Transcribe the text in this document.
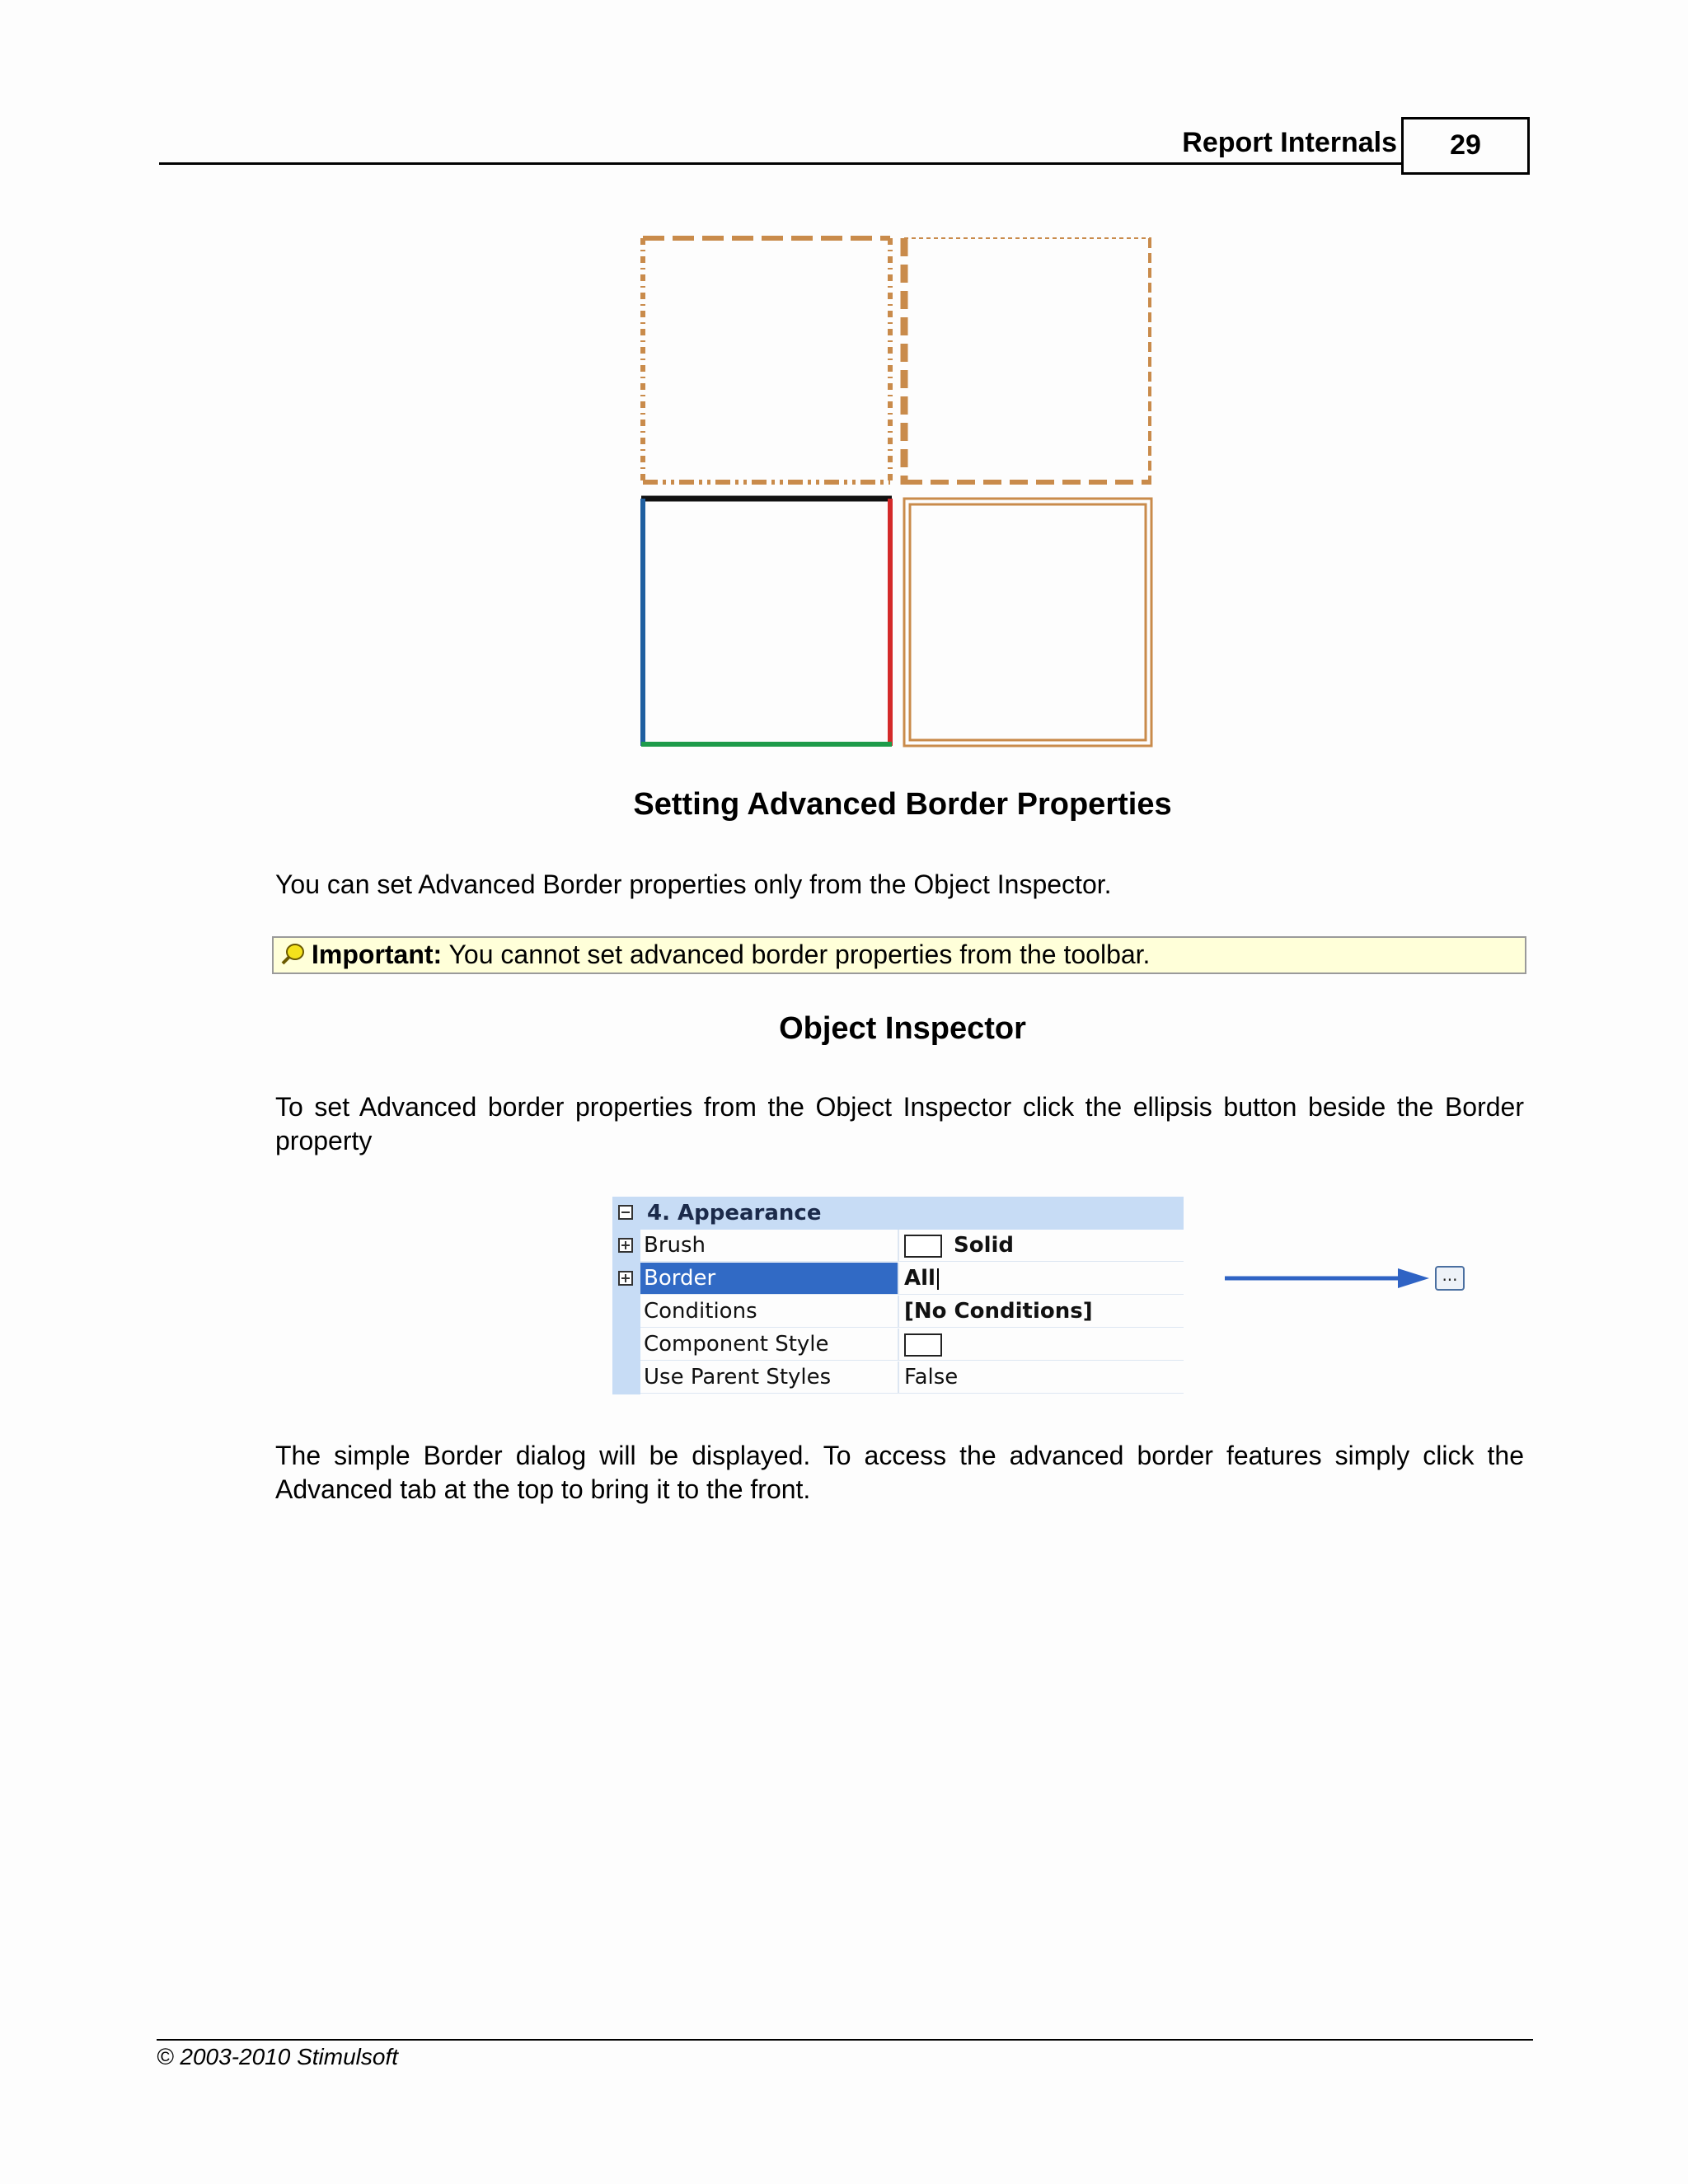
Report Internals	29
Setting Advanced Border Properties
You can set Advanced Border properties only from the Object Inspector.
Important: You cannot set advanced border properties from the toolbar.
Object Inspector
To set Advanced border properties from the Object Inspector click the ellipsis button beside the Border property
4. Appearance
Brush	Solid
Border	All	...
Conditions	[No Conditions]
Component Style
Use Parent Styles	False
The simple Border dialog will be displayed. To access the advanced border features simply click the Advanced tab at the top to bring it to the front.
© 2003-2010 Stimulsoft
